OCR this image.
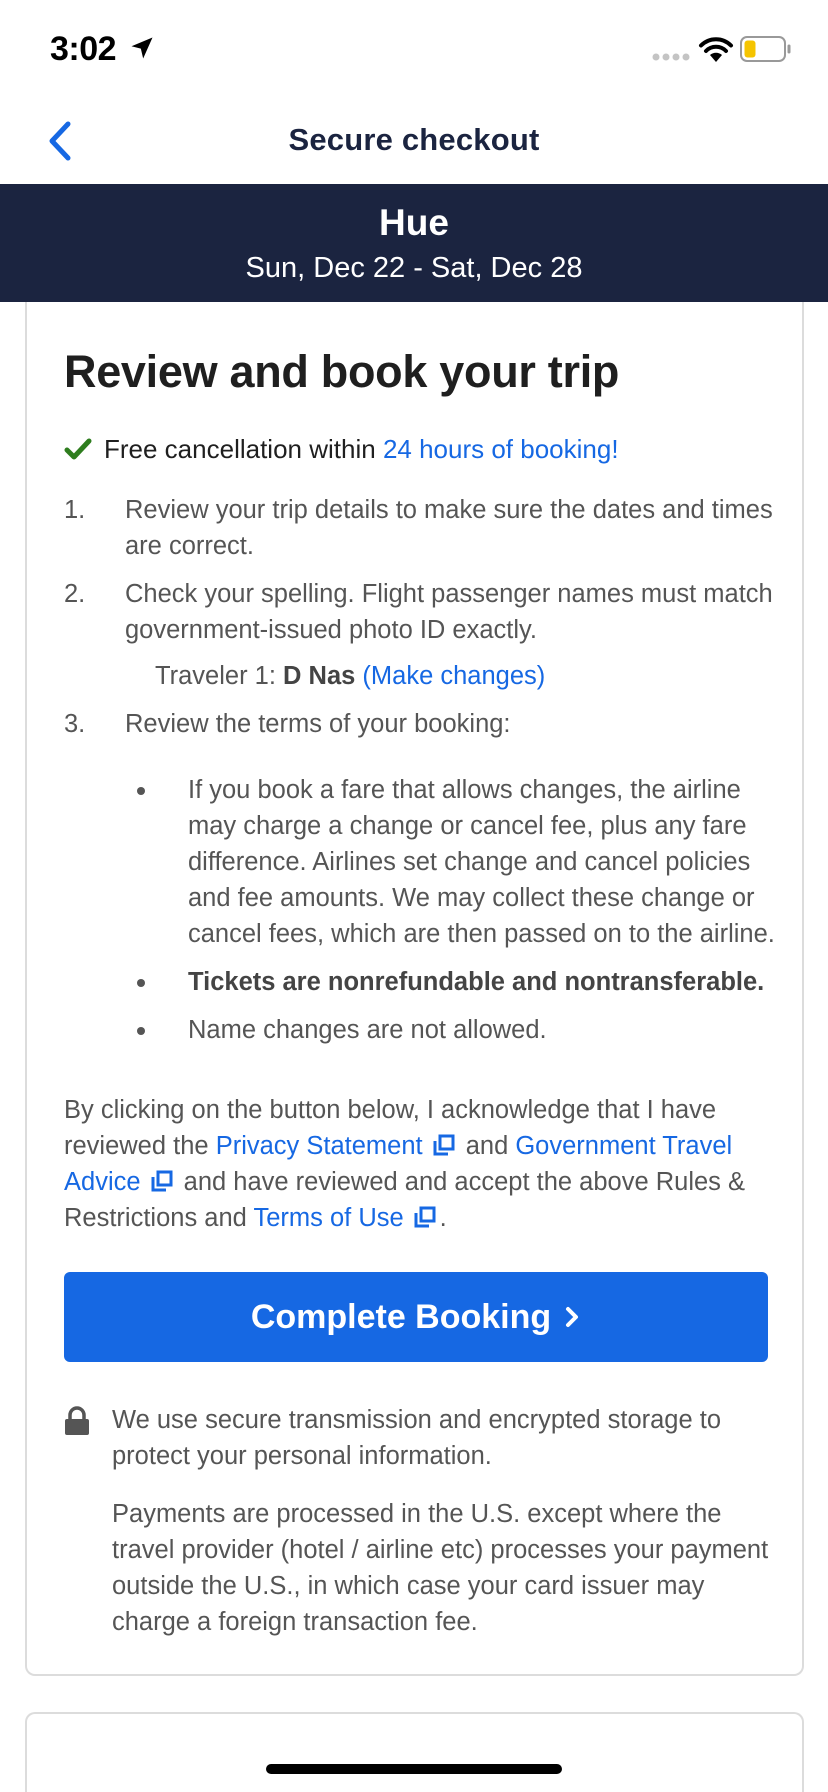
3:02
Secure checkout
Hue
Sun, Dec 22 - Sat, Dec 28
Review and book your trip
Free cancellation within 24 hours of booking!
1. Review your trip details to make sure the dates and times are correct.
2. Check your spelling. Flight passenger names must match government-issued photo ID exactly.
Traveler 1: D Nas (Make changes)
3. Review the terms of your booking:
If you book a fare that allows changes, the airline may charge a change or cancel fee, plus any fare difference. Airlines set change and cancel policies and fee amounts. We may collect these change or cancel fees, which are then passed on to the airline.
Tickets are nonrefundable and nontransferable.
Name changes are not allowed.
By clicking on the button below, I acknowledge that I have reviewed the Privacy Statement and Government Travel Advice and have reviewed and accept the above Rules & Restrictions and Terms of Use .
Complete Booking
We use secure transmission and encrypted storage to protect your personal information.
Payments are processed in the U.S. except where the travel provider (hotel / airline etc) processes your payment outside the U.S., in which case your card issuer may charge a foreign transaction fee.
